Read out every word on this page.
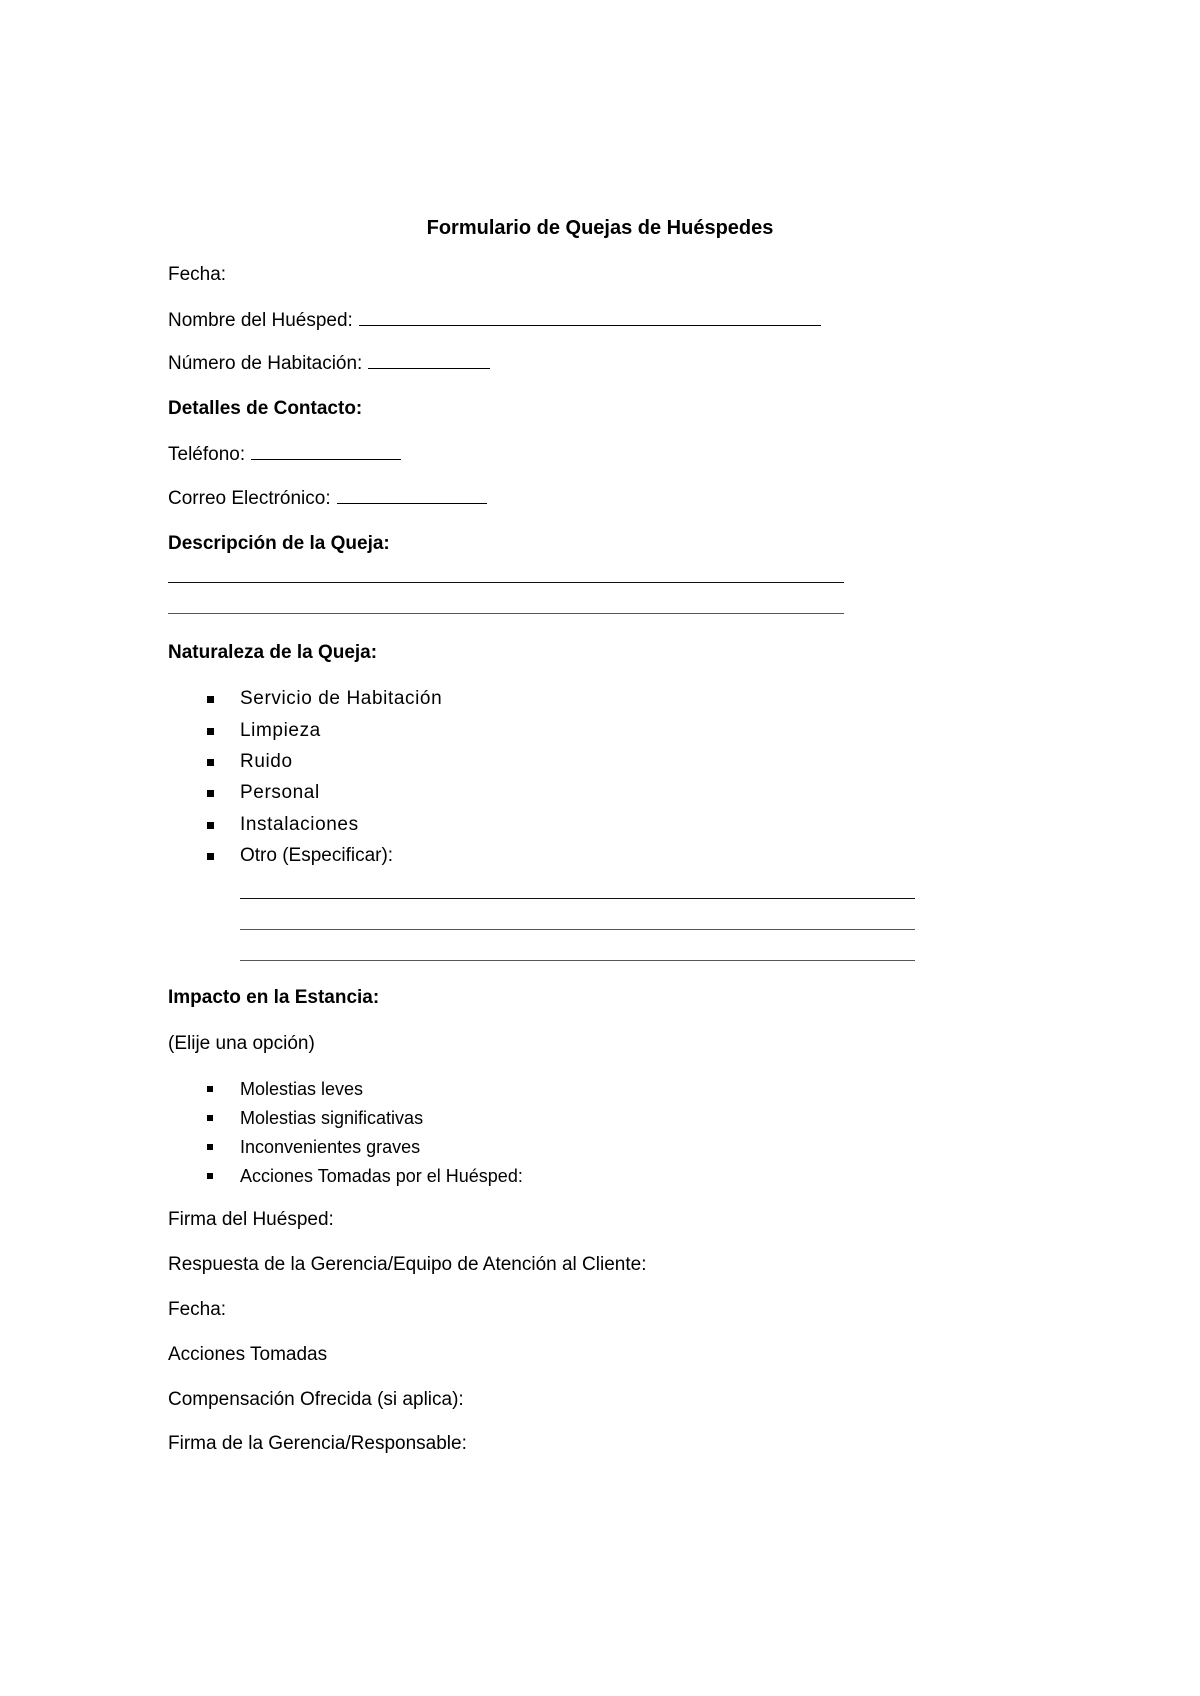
Formulario de Quejas de Huéspedes
Fecha:
Nombre del Huésped:
Número de Habitación:
Detalles de Contacto:
Teléfono:
Correo Electrónico:
Descripción de la Queja:
Naturaleza de la Queja:
Servicio de Habitación
Limpieza
Ruido
Personal
Instalaciones
Otro (Especificar):
Impacto en la Estancia:
(Elije una opción)
Molestias leves
Molestias significativas
Inconvenientes graves
Acciones Tomadas por el Huésped:
Firma del Huésped:
Respuesta de la Gerencia/Equipo de Atención al Cliente:
Fecha:
Acciones Tomadas
Compensación Ofrecida (si aplica):
Firma de la Gerencia/Responsable:
